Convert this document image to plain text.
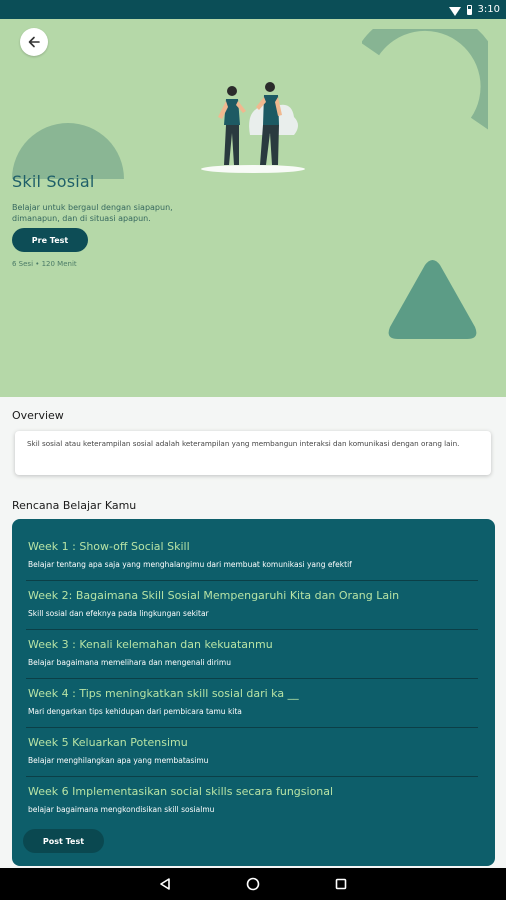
3:10
Skil Sosial
Belajar untuk bergaul dengan siapapun, dimanapun, dan di situasi apapun.
Pre Test
6 Sesi • 120 Menit
Overview
Skil sosial atau keterampilan sosial adalah keterampilan yang membangun interaksi dan komunikasi dengan orang lain.
Rencana Belajar Kamu
Week 1 : Show-off Social Skill
Belajar tentang apa saja yang menghalangimu dari membuat komunikasi yang efektif
Week 2: Bagaimana Skill Sosial Mempengaruhi Kita dan Orang Lain
Skill sosial dan efeknya pada lingkungan sekitar
Week 3 : Kenali kelemahan dan kekuatanmu
Belajar bagaimana memelihara dan mengenali dirimu
Week 4 : Tips meningkatkan skill sosial dari ka __
Mari dengarkan tips kehidupan dari pembicara tamu kita
Week 5 Keluarkan Potensimu
Belajar menghilangkan apa yang membatasimu
Week 6 Implementasikan social skills secara fungsional
belajar bagaimana mengkondisikan skill sosialmu
Post Test
